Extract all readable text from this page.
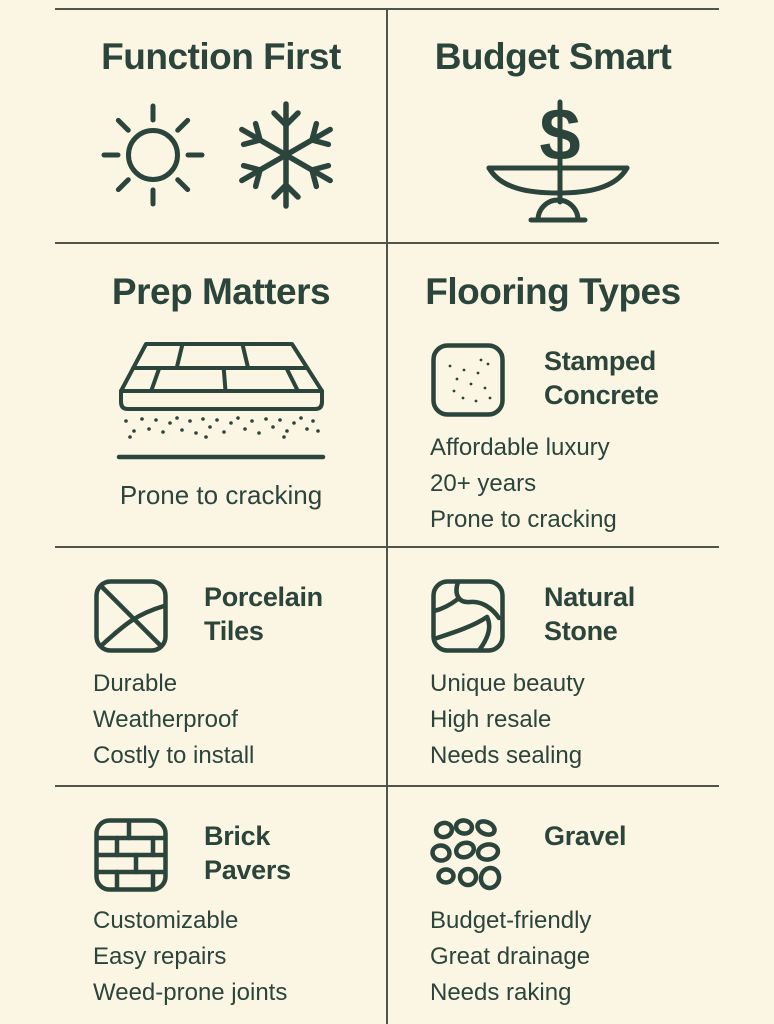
Function First	Budget Smart
$
Prep Matters
Prone to cracking
Flooring Types
Stamped
Concrete
Affordable luxury
20+ years
Prone to cracking
Porcelain
Tiles
Durable
Weatherproof
Costly to install
Natural
Stone
Unique beauty
High resale
Needs sealing
Brick
Pavers
Customizable
Easy repairs
Weed-prone joints
Gravel
Budget-friendly
Great drainage
Needs raking
